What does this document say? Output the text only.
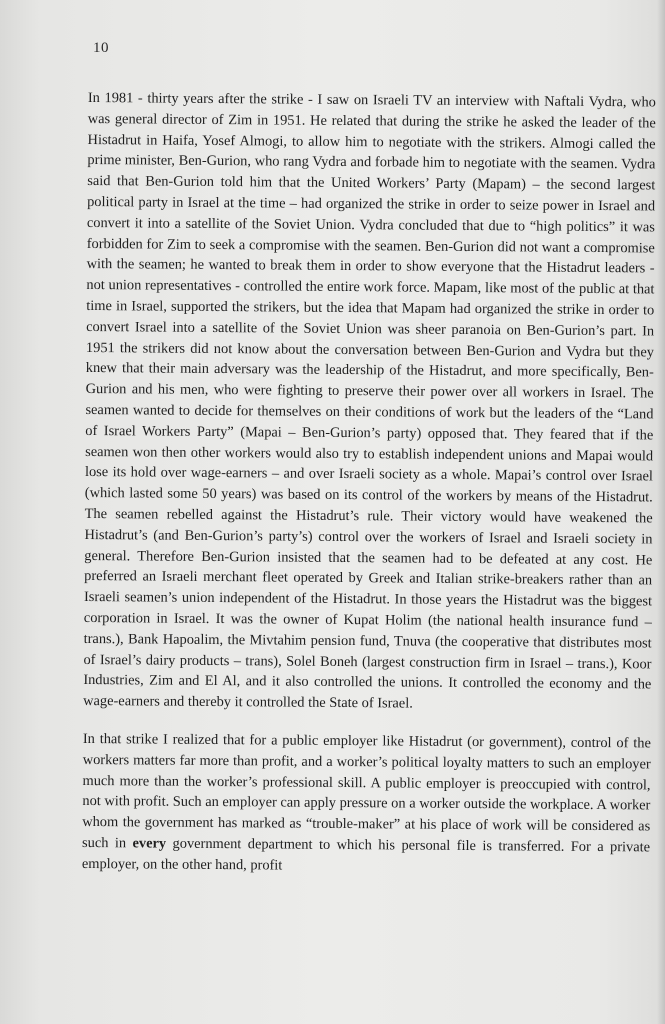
10

In 1981 - thirty years after the strike - I saw on Israeli TV an interview with Naftali Vydra, who was general director of Zim in 1951. He related that during the strike he asked the leader of the Histadrut in Haifa, Yosef Almogi, to allow him to negotiate with the strikers. Almogi called the prime minister, Ben-Gurion, who rang Vydra and forbade him to negotiate with the seamen. Vydra said that Ben-Gurion told him that the United Workers’ Party (Mapam) – the second largest political party in Israel at the time – had organized the strike in order to seize power in Israel and convert it into a satellite of the Soviet Union. Vydra concluded that due to “high politics” it was forbidden for Zim to seek a compromise with the seamen. Ben-Gurion did not want a compromise with the seamen; he wanted to break them in order to show everyone that the Histadrut leaders - not union representatives - controlled the entire work force. Mapam, like most of the public at that time in Israel, supported the strikers, but the idea that Mapam had organized the strike in order to convert Israel into a satellite of the Soviet Union was sheer paranoia on Ben-Gurion’s part. In 1951 the strikers did not know about the conversation between Ben-Gurion and Vydra but they knew that their main adversary was the leadership of the Histadrut, and more specifically, Ben-Gurion and his men, who were fighting to preserve their power over all workers in Israel. The seamen wanted to decide for themselves on their conditions of work but the leaders of the “Land of Israel Workers Party” (Mapai – Ben-Gurion’s party) opposed that. They feared that if the seamen won then other workers would also try to establish independent unions and Mapai would lose its hold over wage-earners – and over Israeli society as a whole. Mapai’s control over Israel (which lasted some 50 years) was based on its control of the workers by means of the Histadrut. The seamen rebelled against the Histadrut’s rule. Their victory would have weakened the Histadrut’s (and Ben-Gurion’s party’s) control over the workers of Israel and Israeli society in general. Therefore Ben-Gurion insisted that the seamen had to be defeated at any cost. He preferred an Israeli merchant fleet operated by Greek and Italian strike-breakers rather than an Israeli seamen’s union independent of the Histadrut. In those years the Histadrut was the biggest corporation in Israel. It was the owner of Kupat Holim (the national health insurance fund – trans.), Bank Hapoalim, the Mivtahim pension fund, Tnuva (the cooperative that distributes most of Israel’s dairy products – trans), Solel Boneh (largest construction firm in Israel – trans.), Koor Industries, Zim and El Al, and it also controlled the unions. It controlled the economy and the wage-earners and thereby it controlled the State of Israel.

In that strike I realized that for a public employer like Histadrut (or government), control of the workers matters far more than profit, and a worker’s political loyalty matters to such an employer much more than the worker’s professional skill. A public employer is preoccupied with control, not with profit. Such an employer can apply pressure on a worker outside the workplace. A worker whom the government has marked as “trouble-maker” at his place of work will be considered as such in every government department to which his personal file is transferred. For a private employer, on the other hand, profit
